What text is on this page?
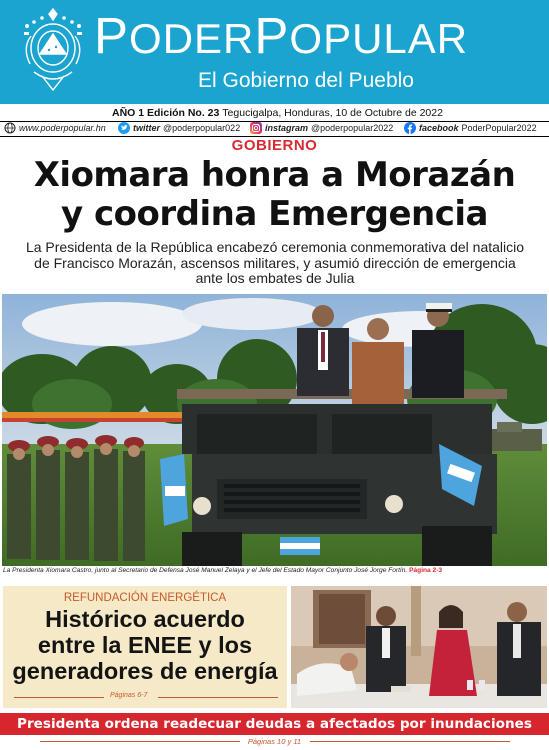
PODERPOPULAR
El Gobierno del Pueblo
AÑO 1 Edición No. 23 Tegucigalpa, Honduras, 10 de Octubre de 2022
www.poderpopular.hn	twitter @poderpopular022	instagram @poderpopular2022	facebook PoderPopular2022
GOBIERNO
Xiomara honra a Morazán
y coordina Emergencia
La Presidenta de la República encabezó ceremonia conmemorativa del natalicio de Francisco Morazán, ascensos militares, y asumió dirección de emergencia ante los embates de Julia
La Presidenta Xiomara Castro, junto al Secretario de Defensa José Manuel Zelaya y el Jefe del Estado Mayor Conjunto José Jorge Fortín. Página 2-3
REFUNDACIÓN ENERGÉTICA
Histórico acuerdo
entre la ENEE y los
generadores de energía
Páginas 6-7
Presidenta ordena readecuar deudas a afectados por inundaciones
Páginas 10 y 11
